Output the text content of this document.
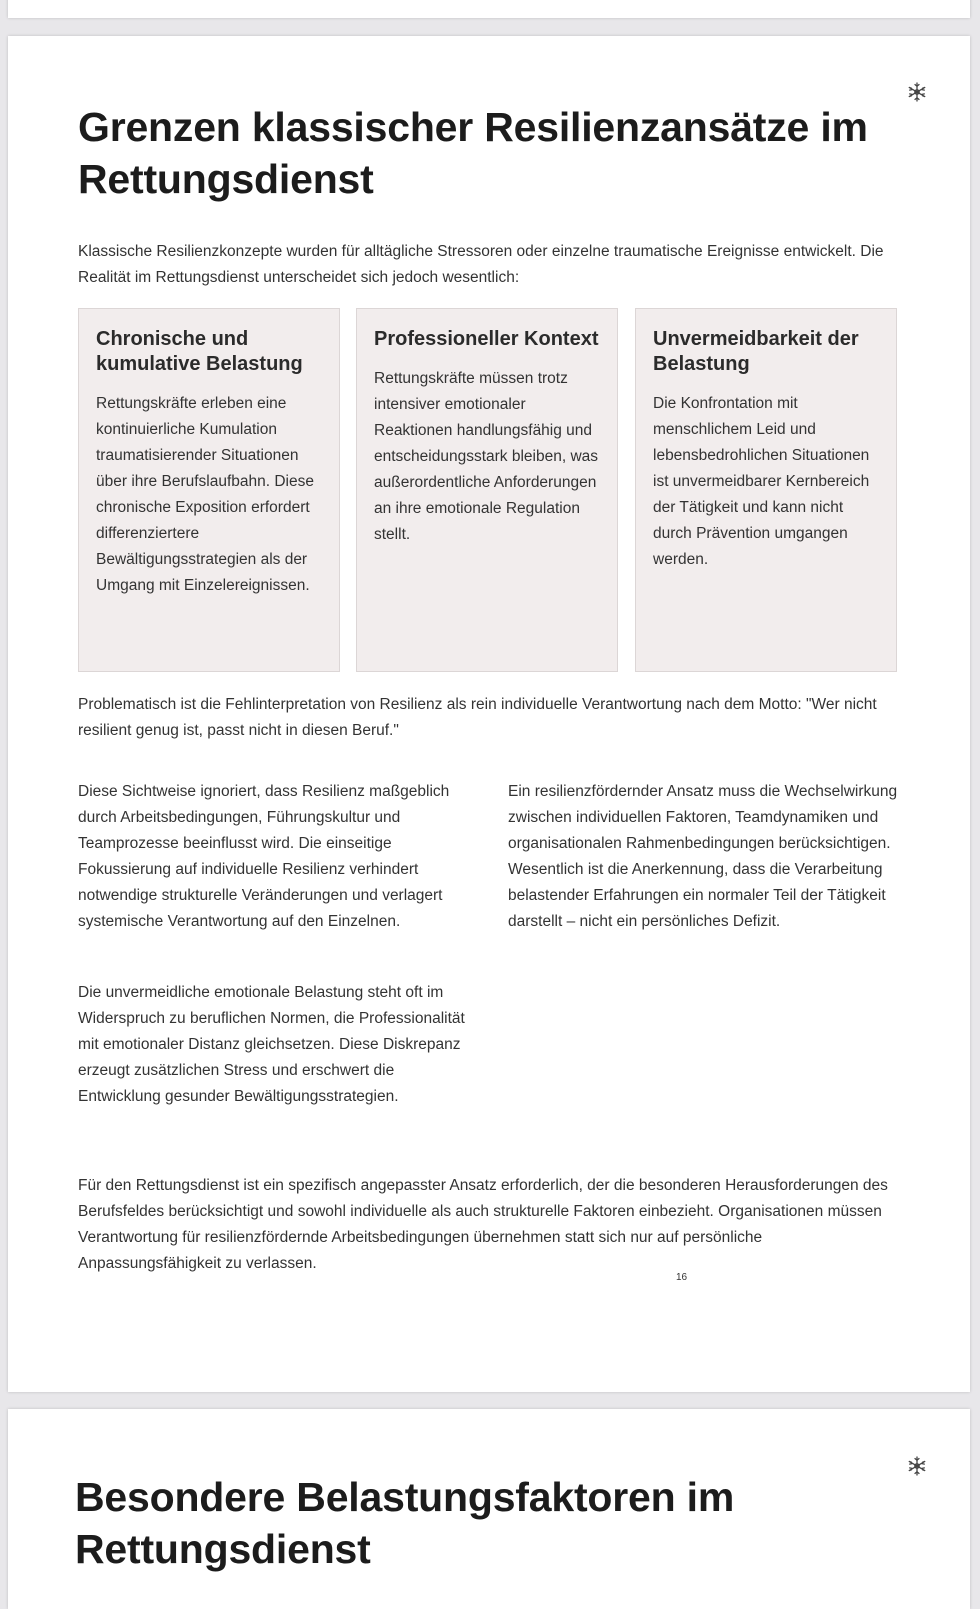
Grenzen klassischer Resilienzansätze im Rettungsdienst

Klassische Resilienzkonzepte wurden für alltägliche Stressoren oder einzelne traumatische Ereignisse entwickelt. Die Realität im Rettungsdienst unterscheidet sich jedoch wesentlich:

Chronische und kumulative Belastung

Rettungskräfte erleben eine kontinuierliche Kumulation traumatisierender Situationen über ihre Berufslaufbahn. Diese chronische Exposition erfordert differenziertere Bewältigungsstrategien als der Umgang mit Einzelereignissen.

Professioneller Kontext

Rettungskräfte müssen trotz intensiver emotionaler Reaktionen handlungsfähig und entscheidungsstark bleiben, was außerordentliche Anforderungen an ihre emotionale Regulation stellt.

Unvermeidbarkeit der Belastung

Die Konfrontation mit menschlichem Leid und lebensbedrohlichen Situationen ist unvermeidbarer Kernbereich der Tätigkeit und kann nicht durch Prävention umgangen werden.

Problematisch ist die Fehlinterpretation von Resilienz als rein individuelle Verantwortung nach dem Motto: "Wer nicht resilient genug ist, passt nicht in diesen Beruf."

Diese Sichtweise ignoriert, dass Resilienz maßgeblich durch Arbeitsbedingungen, Führungskultur und Teamprozesse beeinflusst wird. Die einseitige Fokussierung auf individuelle Resilienz verhindert notwendige strukturelle Veränderungen und verlagert systemische Verantwortung auf den Einzelnen.

Ein resilienzfördernder Ansatz muss die Wechselwirkung zwischen individuellen Faktoren, Teamdynamiken und organisationalen Rahmenbedingungen berücksichtigen. Wesentlich ist die Anerkennung, dass die Verarbeitung belastender Erfahrungen ein normaler Teil der Tätigkeit darstellt – nicht ein persönliches Defizit.

Die unvermeidliche emotionale Belastung steht oft im Widerspruch zu beruflichen Normen, die Professionalität mit emotionaler Distanz gleichsetzen. Diese Diskrepanz erzeugt zusätzlichen Stress und erschwert die Entwicklung gesunder Bewältigungsstrategien.

Für den Rettungsdienst ist ein spezifisch angepasster Ansatz erforderlich, der die besonderen Herausforderungen des Berufsfeldes berücksichtigt und sowohl individuelle als auch strukturelle Faktoren einbezieht. Organisationen müssen Verantwortung für resilienzfördernde Arbeitsbedingungen übernehmen statt sich nur auf persönliche Anpassungsfähigkeit zu verlassen.

16
Besondere Belastungsfaktoren im Rettungsdienst
